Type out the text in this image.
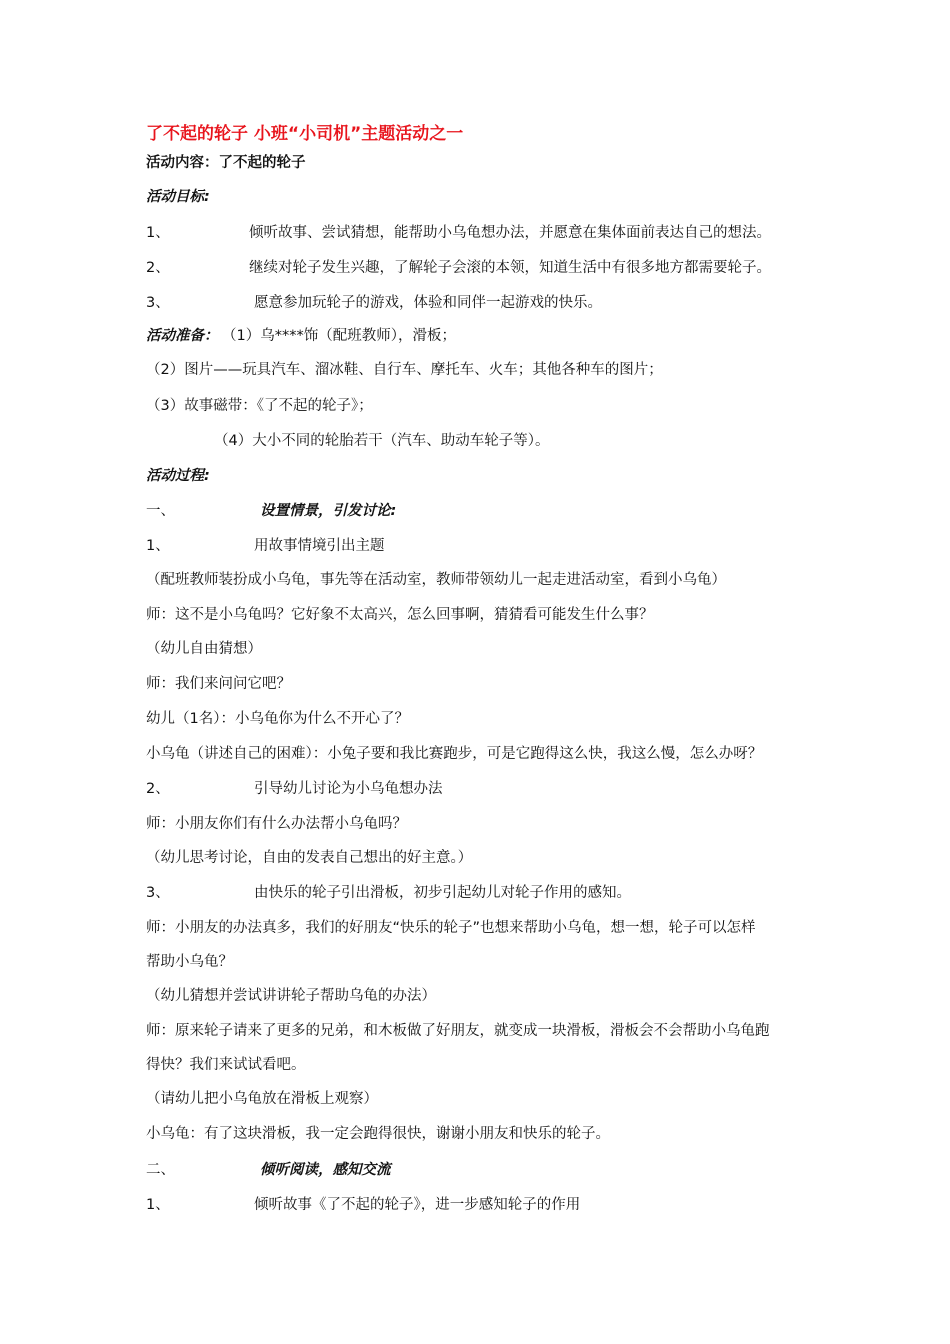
了不起的轮子 小班“小司机”主题活动之一
活动内容：了不起的轮子
活动目标:
1、	倾听故事、尝试猜想，能帮助小乌龟想办法，并愿意在集体面前表达自己的想法。
2、	继续对轮子发生兴趣，了解轮子会滚的本领，知道生活中有很多地方都需要轮子。
3、	愿意参加玩轮子的游戏，体验和同伴一起游戏的快乐。
活动准备： （1）乌****饰（配班教师），滑板；
（2）图片——玩具汽车、溜冰鞋、自行车、摩托车、火车；其他各种车的图片；
（3）故事磁带：《了不起的轮子》；
（4）大小不同的轮胎若干（汽车、助动车轮子等）。
活动过程:
一、	设置情景，引发讨论:
1、	用故事情境引出主题
（配班教师装扮成小乌龟，事先等在活动室，教师带领幼儿一起走进活动室，看到小乌龟）
师：这不是小乌龟吗？它好象不太高兴，怎么回事啊，猜猜看可能发生什么事？
（幼儿自由猜想）
师：我们来问问它吧？
幼儿（1名）：小乌龟你为什么不开心了？
小乌龟（讲述自己的困难）：小兔子要和我比赛跑步，可是它跑得这么快，我这么慢，怎么办呀？
2、	引导幼儿讨论为小乌龟想办法
师：小朋友你们有什么办法帮小乌龟吗？
（幼儿思考讨论，自由的发表自己想出的好主意。）
3、	由快乐的轮子引出滑板，初步引起幼儿对轮子作用的感知。
师：小朋友的办法真多，我们的好朋友“快乐的轮子”也想来帮助小乌龟，想一想，轮子可以怎样
帮助小乌龟？
（幼儿猜想并尝试讲讲轮子帮助乌龟的办法）
师：原来轮子请来了更多的兄弟，和木板做了好朋友，就变成一块滑板，滑板会不会帮助小乌龟跑
得快？我们来试试看吧。
（请幼儿把小乌龟放在滑板上观察）
小乌龟：有了这块滑板，我一定会跑得很快，谢谢小朋友和快乐的轮子。
二、	倾听阅读，感知交流
1、	倾听故事《了不起的轮子》，进一步感知轮子的作用
